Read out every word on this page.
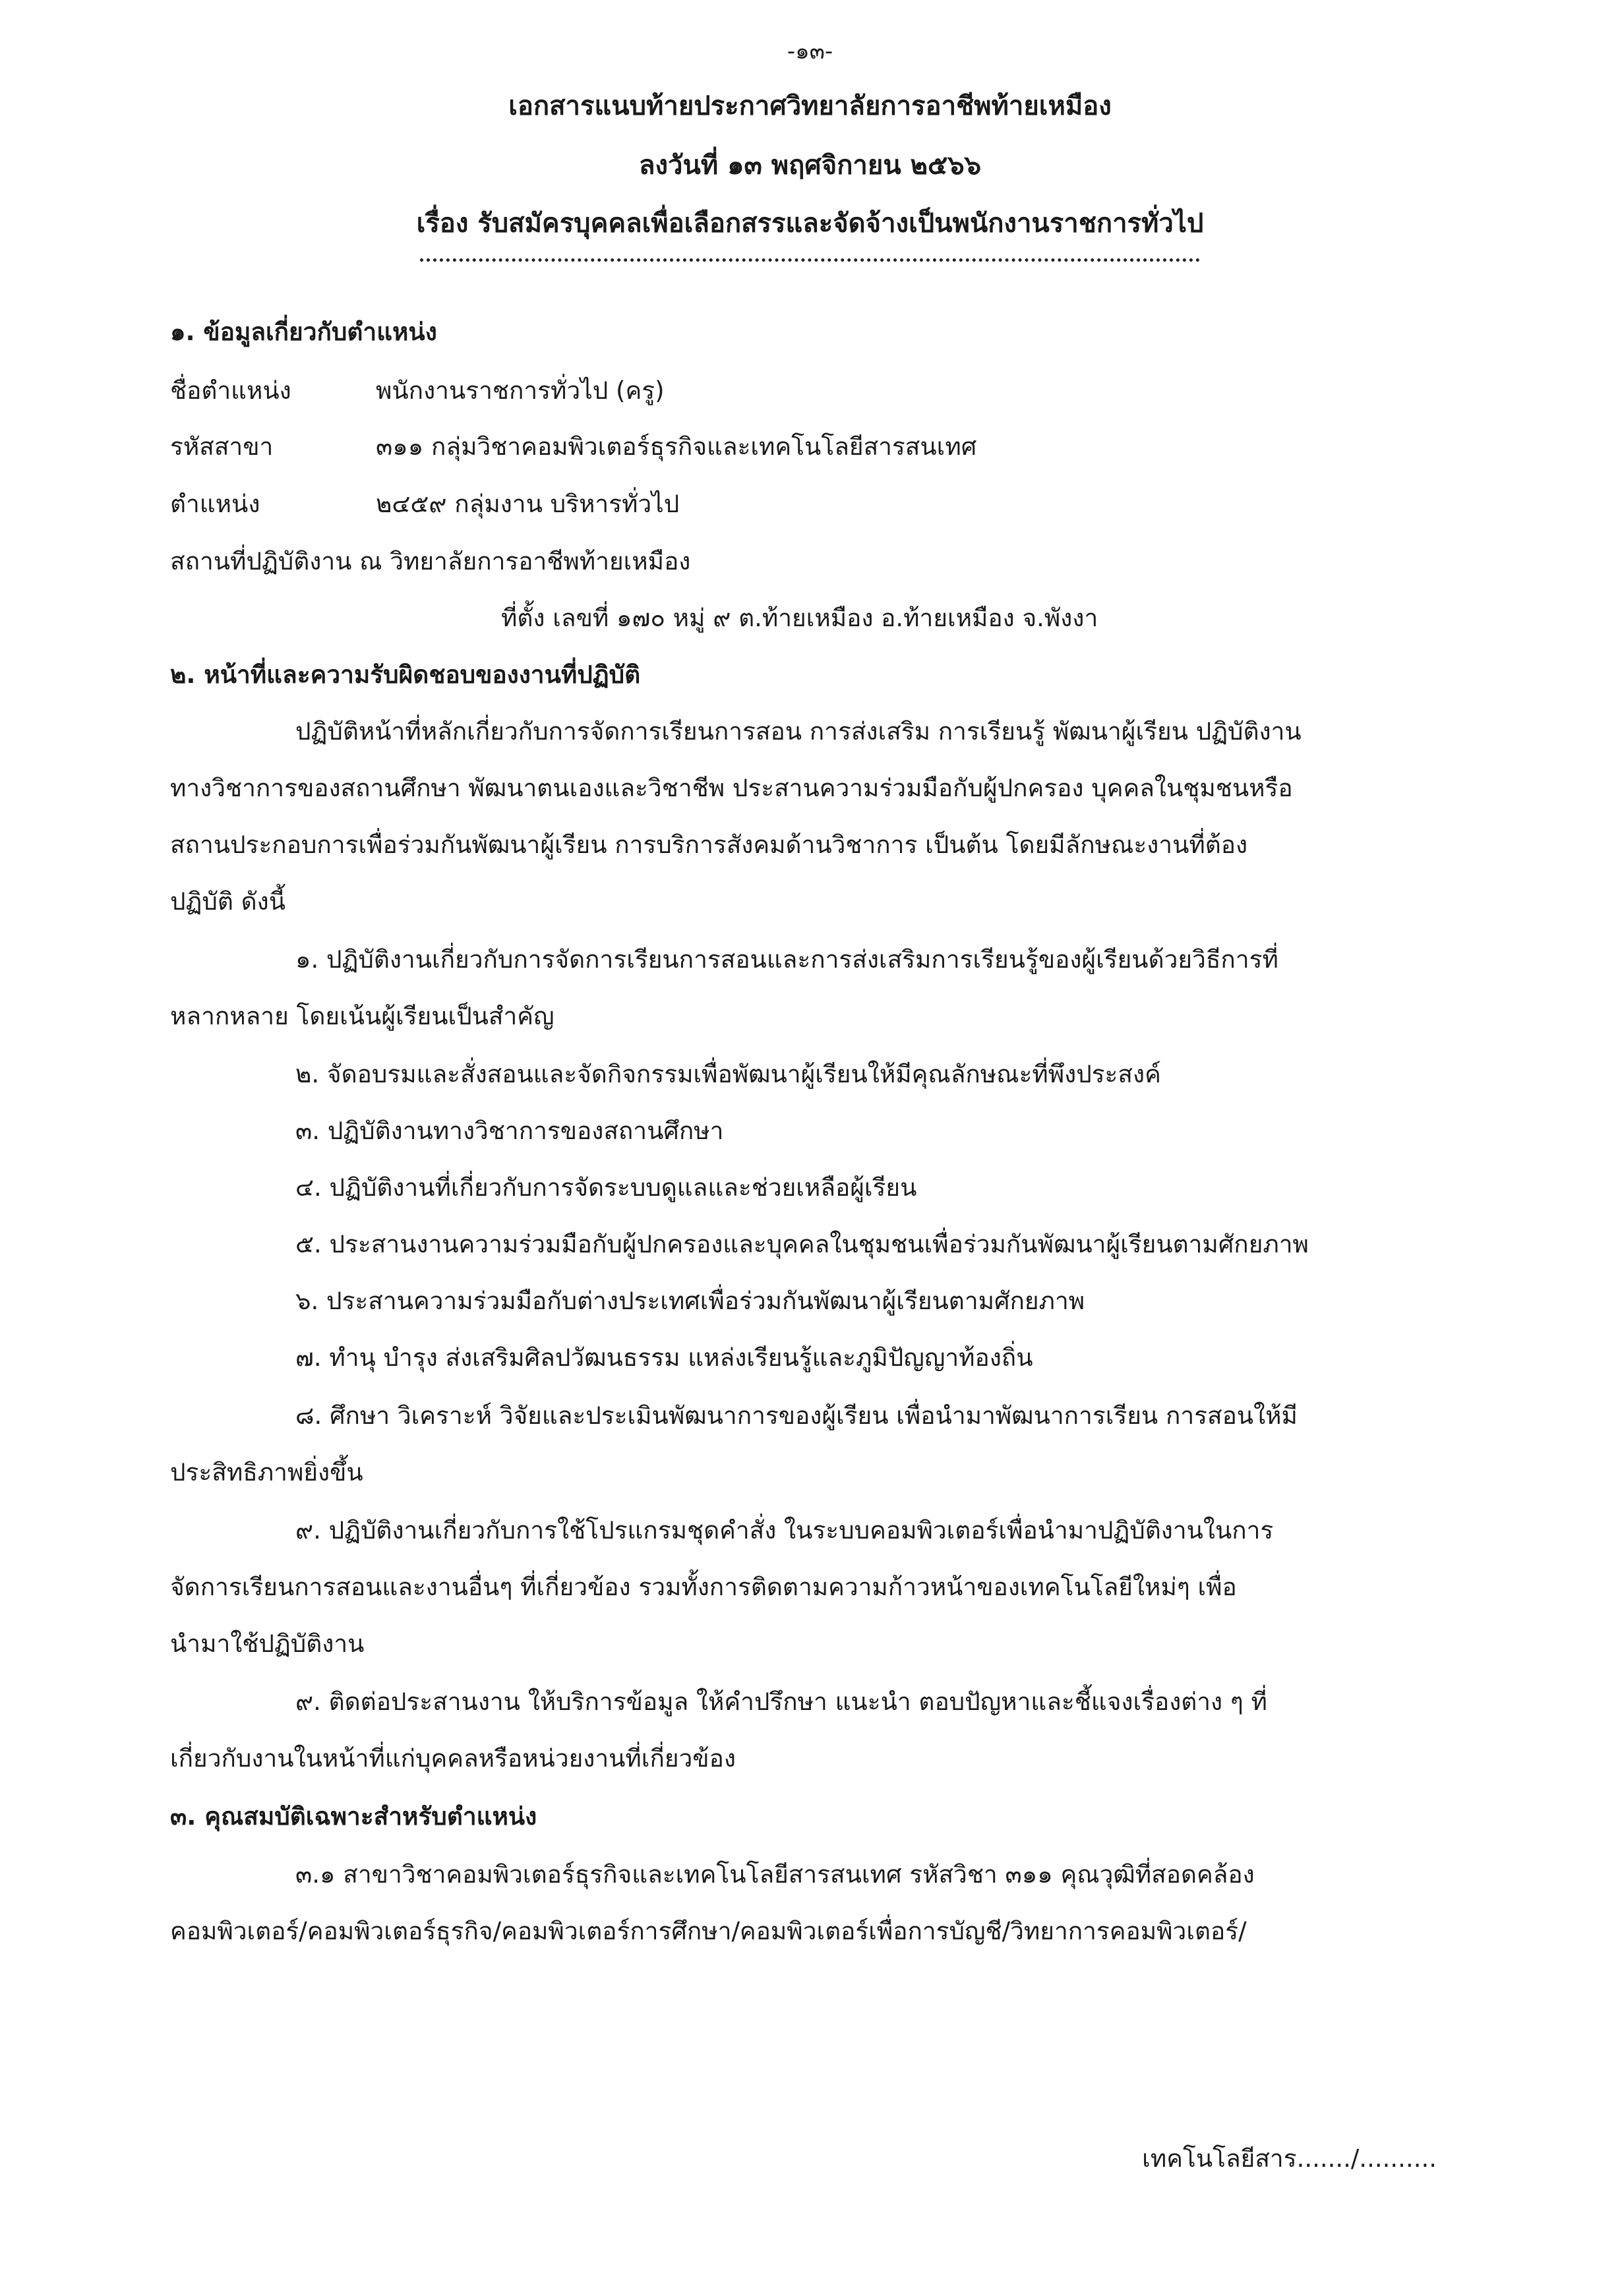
-๑๓-
เอกสารแนบท้ายประกาศวิทยาลัยการอาชีพท้ายเหมือง
ลงวันที่ ๑๓ พฤศจิกายน ๒๕๖๖
เรื่อง รับสมัครบุคคลเพื่อเลือกสรรและจัดจ้างเป็นพนักงานราชการทั่วไป
๑. ข้อมูลเกี่ยวกับตำแหน่ง
ชื่อตำแหน่ง	พนักงานราชการทั่วไป (ครู)
รหัสสาขา	๓๑๑ กลุ่มวิชาคอมพิวเตอร์ธุรกิจและเทคโนโลยีสารสนเทศ
ตำแหน่ง	๒๔๕๙ กลุ่มงาน บริหารทั่วไป
สถานที่ปฏิบัติงาน ณ วิทยาลัยการอาชีพท้ายเหมือง
ที่ตั้ง เลขที่ ๑๗๐ หมู่ ๙ ต.ท้ายเหมือง อ.ท้ายเหมือง จ.พังงา
๒. หน้าที่และความรับผิดชอบของงานที่ปฏิบัติ
ปฏิบัติหน้าที่หลักเกี่ยวกับการจัดการเรียนการสอน การส่งเสริม การเรียนรู้ พัฒนาผู้เรียน ปฏิบัติงาน
ทางวิชาการของสถานศึกษา พัฒนาตนเองและวิชาชีพ ประสานความร่วมมือกับผู้ปกครอง บุคคลในชุมชนหรือ
สถานประกอบการเพื่อร่วมกันพัฒนาผู้เรียน การบริการสังคมด้านวิชาการ เป็นต้น โดยมีลักษณะงานที่ต้อง
ปฏิบัติ ดังนี้
๑. ปฏิบัติงานเกี่ยวกับการจัดการเรียนการสอนและการส่งเสริมการเรียนรู้ของผู้เรียนด้วยวิธีการที่
หลากหลาย โดยเน้นผู้เรียนเป็นสำคัญ
๒. จัดอบรมและสั่งสอนและจัดกิจกรรมเพื่อพัฒนาผู้เรียนให้มีคุณลักษณะที่พึงประสงค์
๓. ปฏิบัติงานทางวิชาการของสถานศึกษา
๔. ปฏิบัติงานที่เกี่ยวกับการจัดระบบดูแลและช่วยเหลือผู้เรียน
๕. ประสานงานความร่วมมือกับผู้ปกครองและบุคคลในชุมชนเพื่อร่วมกันพัฒนาผู้เรียนตามศักยภาพ
๖. ประสานความร่วมมือกับต่างประเทศเพื่อร่วมกันพัฒนาผู้เรียนตามศักยภาพ
๗. ทำนุ บำรุง ส่งเสริมศิลปวัฒนธรรม แหล่งเรียนรู้และภูมิปัญญาท้องถิ่น
๘. ศึกษา วิเคราะห์ วิจัยและประเมินพัฒนาการของผู้เรียน เพื่อนำมาพัฒนาการเรียน การสอนให้มี
ประสิทธิภาพยิ่งขึ้น
๙. ปฏิบัติงานเกี่ยวกับการใช้โปรแกรมชุดคำสั่ง ในระบบคอมพิวเตอร์เพื่อนำมาปฏิบัติงานในการ
จัดการเรียนการสอนและงานอื่นๆ ที่เกี่ยวข้อง รวมทั้งการติดตามความก้าวหน้าของเทคโนโลยีใหม่ๆ เพื่อ
นำมาใช้ปฏิบัติงาน
๙. ติดต่อประสานงาน ให้บริการข้อมูล ให้คำปรึกษา แนะนำ ตอบปัญหาและชี้แจงเรื่องต่าง ๆ ที่
เกี่ยวกับงานในหน้าที่แก่บุคคลหรือหน่วยงานที่เกี่ยวข้อง
๓. คุณสมบัติเฉพาะสำหรับตำแหน่ง
๓.๑ สาขาวิชาคอมพิวเตอร์ธุรกิจและเทคโนโลยีสารสนเทศ รหัสวิชา ๓๑๑ คุณวุฒิที่สอดคล้อง
คอมพิวเตอร์/คอมพิวเตอร์ธุรกิจ/คอมพิวเตอร์การศึกษา/คอมพิวเตอร์เพื่อการบัญชี/วิทยาการคอมพิวเตอร์/
เทคโนโลยีสาร......./..........
